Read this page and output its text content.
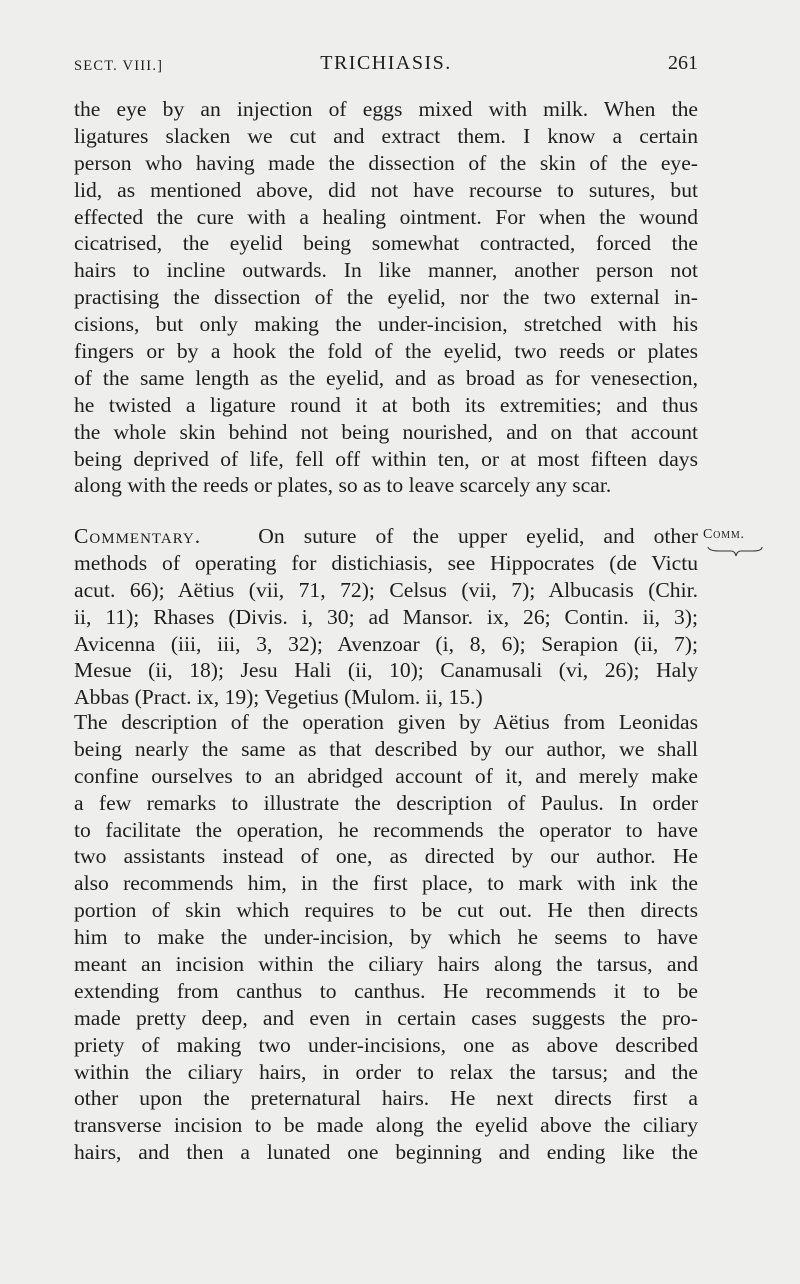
SECT. VIII.]	TRICHIASIS.	261
the eye by an injection of eggs mixed with milk. When the
ligatures slacken we cut and extract them. I know a certain
person who having made the dissection of the skin of the eye-
lid, as mentioned above, did not have recourse to sutures, but
effected the cure with a healing ointment. For when the wound
cicatrised, the eyelid being somewhat contracted, forced the
hairs to incline outwards. In like manner, another person not
practising the dissection of the eyelid, nor the two external in-
cisions, but only making the under-incision, stretched with his
fingers or by a hook the fold of the eyelid, two reeds or plates
of the same length as the eyelid, and as broad as for venesection,
he twisted a ligature round it at both its extremities; and thus
the whole skin behind not being nourished, and on that account
being deprived of life, fell off within ten, or at most fifteen days
along with the reeds or plates, so as to leave scarcely any scar.
Commentary.	On suture of the upper eyelid, and other
methods of operating for distichiasis, see Hippocrates (de Victu
acut. 66); Aëtius (vii, 71, 72); Celsus (vii, 7); Albucasis (Chir.
ii, 11); Rhases (Divis. i, 30; ad Mansor. ix, 26; Contin. ii, 3);
Avicenna (iii, iii, 3, 32); Avenzoar (i, 8, 6); Serapion (ii, 7);
Mesue (ii, 18); Jesu Hali (ii, 10); Canamusali (vi, 26); Haly
Abbas (Pract. ix, 19); Vegetius (Mulom. ii, 15.)
The description of the operation given by Aëtius from Leonidas
being nearly the same as that described by our author, we shall
confine ourselves to an abridged account of it, and merely make
a few remarks to illustrate the description of Paulus. In order
to facilitate the operation, he recommends the operator to have
two assistants instead of one, as directed by our author. He
also recommends him, in the first place, to mark with ink the
portion of skin which requires to be cut out. He then directs
him to make the under-incision, by which he seems to have
meant an incision within the ciliary hairs along the tarsus, and
extending from canthus to canthus. He recommends it to be
made pretty deep, and even in certain cases suggests the pro-
priety of making two under-incisions, one as above described
within the ciliary hairs, in order to relax the tarsus; and the
other upon the preternatural hairs. He next directs first a
transverse incision to be made along the eyelid above the ciliary
hairs, and then a lunated one beginning and ending like the
Comm.
